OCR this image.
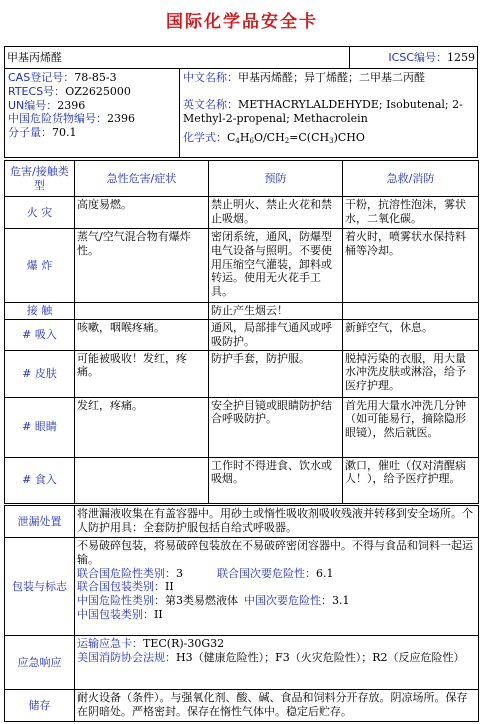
国际化学品安全卡
甲基丙烯醛	ICSC编号：1259
CAS登记号：78-85-3
RTECS号：OZ2625000
UN编号：2396
中国危险货物编号：2396
分子量：70.1

中文名称：甲基丙烯醛；异丁烯醛；二甲基二丙醛
英文名称：METHACRYLALDEHYDE; Isobutenal; 2-
Methyl-2-propenal; Methacrolein
化学式：$C_4H_6O/CH_2=C(CH_3)CHO$
危害/接触类型	急性危害/症状	预防	急救/消防
火 灾	高度易燃。	禁止明火、禁止火花和禁止吸烟。	干粉，抗溶性泡沫，雾状水，二氧化碳。
爆 炸	蒸气/空气混合物有爆炸性。	密闭系统，通风，防爆型电气设备与照明。不要使用压缩空气灌装，卸料或转运。使用无火花手工具。	着火时，喷雾状水保持料桶等冷却。
接 触		防止产生烟云！	
# 吸入	咳嗽，咽喉疼痛。	通风，局部排气通风或呼吸防护。	新鲜空气，休息。
# 皮肤	可能被吸收！发红，疼痛。	防护手套，防护服。	脱掉污染的衣服，用大量水冲洗皮肤或淋浴，给予医疗护理。
# 眼睛	发红，疼痛。	安全护目镜或眼睛防护结合呼吸防护。	首先用大量水冲洗几分钟（如可能易行，摘除隐形眼镜），然后就医。
# 食入		工作时不得进食、饮水或吸烟。	漱口，催吐（仅对清醒病人！），给予医疗护理。
泄漏处置	将泄漏液收集在有盖容器中。用砂土或惰性吸收剂吸收残液并转移到安全场所。个人防护用具：全套防护服包括自给式呼吸器。
包装与标志	不易破碎包装，将易破碎包装放在不易破碎密闭容器中。不得与食品和饲料一起运输。
联合国危险性类别：3 联合国次要危险性：6.1
联合国包装类别：II
中国危险性类别：第3类易燃液体 中国次要危险性：3.1
中国包装类别：II

应急响应	运输应急卡：TEC(R)-30G32
美国消防协会法规：H3（健康危险性）；F3（火灾危险性）；R2（反应危险性）

储存	耐火设备（条件）。与强氧化剂、酸、碱、食品和饲料分开存放。阴凉场所。保存在阴暗处。严格密封。保存在惰性气体中。稳定后贮存。
